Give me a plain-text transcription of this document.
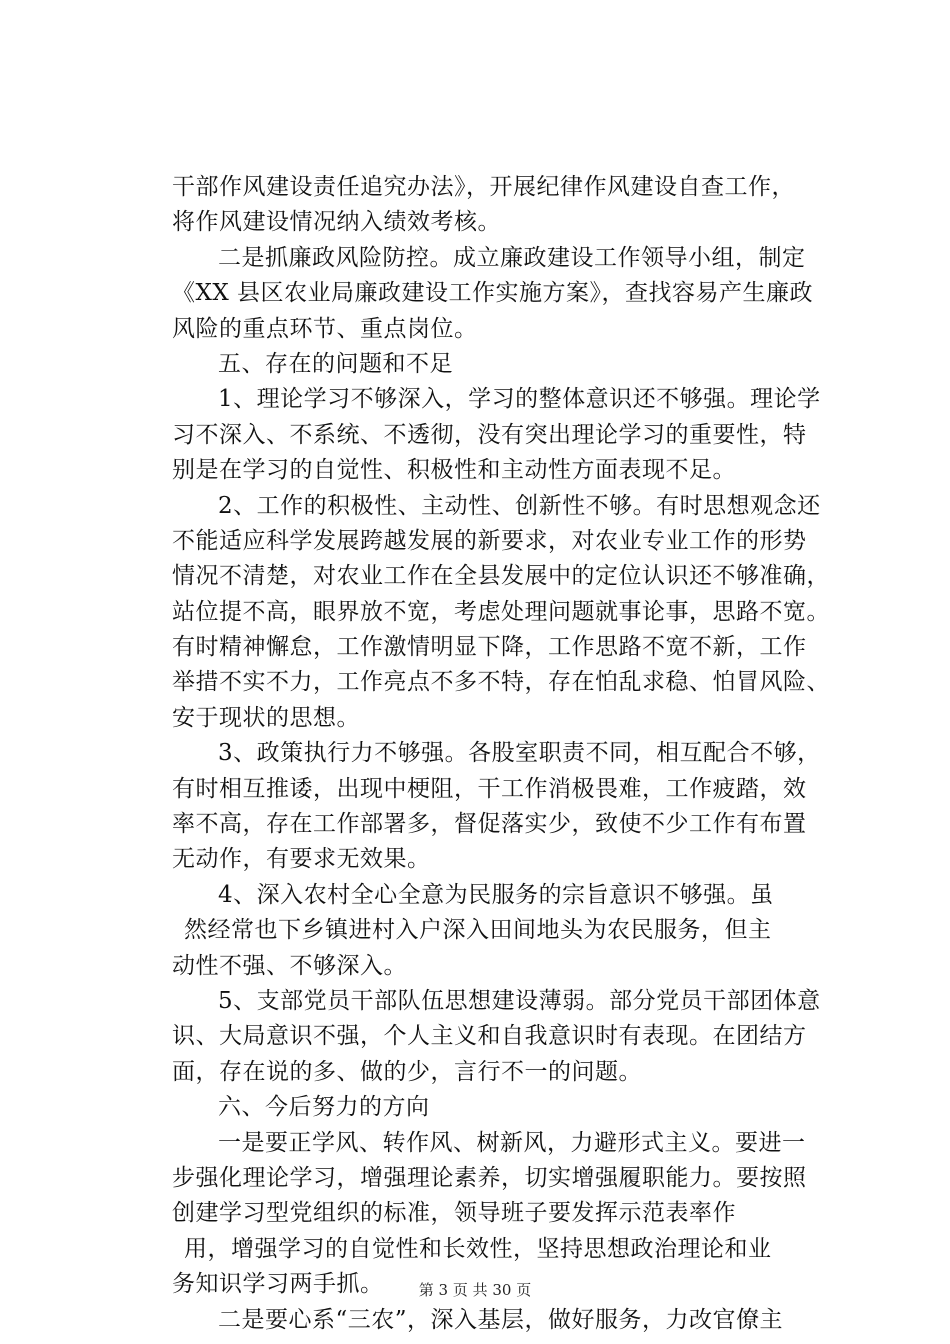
干部作风建设责任追究办法》，开展纪律作风建设自查工作，
将作风建设情况纳入绩效考核。
二是抓廉政风险防控。成立廉政建设工作领导小组，制定
《XX 县区农业局廉政建设工作实施方案》，查找容易产生廉政
风险的重点环节、重点岗位。
五、存在的问题和不足
1、理论学习不够深入，学习的整体意识还不够强。理论学
习不深入、不系统、不透彻，没有突出理论学习的重要性，特
别是在学习的自觉性、积极性和主动性方面表现不足。
2、工作的积极性、主动性、创新性不够。有时思想观念还
不能适应科学发展跨越发展的新要求，对农业专业工作的形势
情况不清楚，对农业工作在全县发展中的定位认识还不够准确，
站位提不高，眼界放不宽，考虑处理问题就事论事，思路不宽。
有时精神懈怠，工作激情明显下降，工作思路不宽不新，工作
举措不实不力，工作亮点不多不特，存在怕乱求稳、怕冒风险、
安于现状的思想。
3、政策执行力不够强。各股室职责不同，相互配合不够，
有时相互推诿，出现中梗阻，干工作消极畏难，工作疲踏，效
率不高，存在工作部署多，督促落实少，致使不少工作有布置
无动作，有要求无效果。
4、深入农村全心全意为民服务的宗旨意识不够强。虽
然经常也下乡镇进村入户深入田间地头为农民服务，但主
动性不强、不够深入。
5、支部党员干部队伍思想建设薄弱。部分党员干部团体意
识、大局意识不强，个人主义和自我意识时有表现。在团结方
面，存在说的多、做的少，言行不一的问题。
六、今后努力的方向
一是要正学风、转作风、树新风，力避形式主义。要进一
步强化理论学习，增强理论素养，切实增强履职能力。要按照
创建学习型党组织的标准，领导班子要发挥示范表率作
用，增强学习的自觉性和长效性，坚持思想政治理论和业
务知识学习两手抓。
二是要心系“三农”，深入基层，做好服务，力改官僚主
第 3 页 共 30 页
